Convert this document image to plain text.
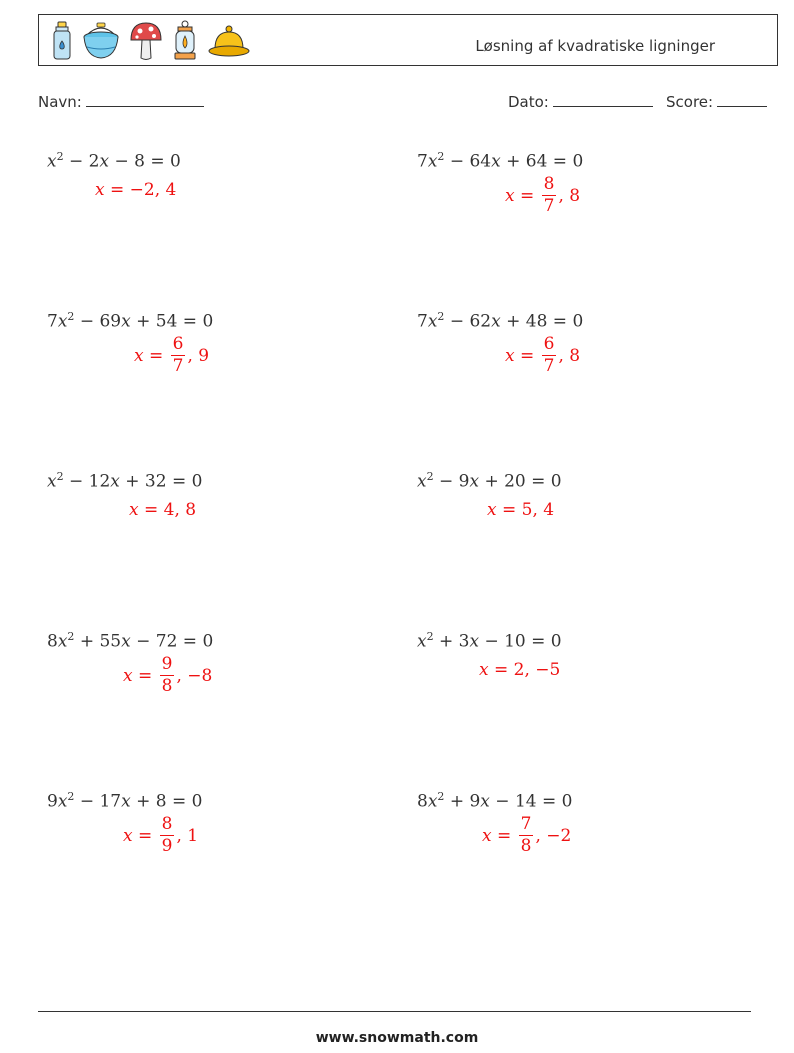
Løsning af kvadratiske ligninger
Navn:	Dato:	Score:
$x^2 - 2x - 8 = 0$
x = −2 , 4
$7x^2 - 64x + 64 = 0$
$x = \frac{8}{7}$ , 8
$7x^2 - 69x + 54 = 0$
$x = \frac{6}{7}$ , 9
$7x^2 - 62x + 48 = 0$
$x = \frac{6}{7}$ , 8
$x^2 - 12x + 32 = 0$
x = 4 , 8
$x^2 - 9x + 20 = 0$
x = 5 , 4
$8x^2 + 55x - 72 = 0$
$x = \frac{9}{8}$ , −8
$x^2 + 3x - 10 = 0$
x = 2 , −5
$9x^2 - 17x + 8 = 0$
$x = \frac{8}{9}$ , 1
$8x^2 + 9x - 14 = 0$
$x = \frac{7}{8}$ , −2
www.snowmath.com
